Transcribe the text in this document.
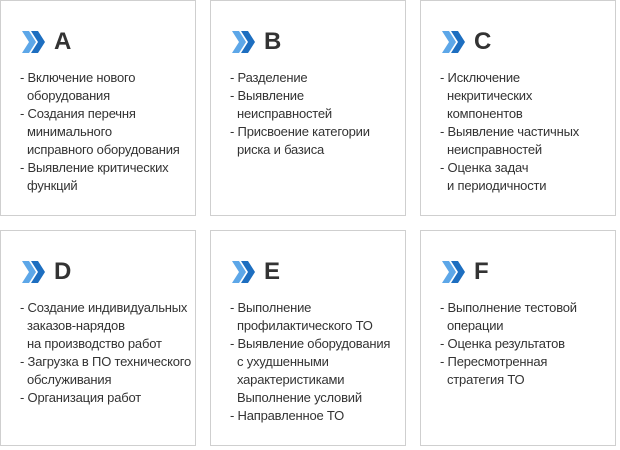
A
- Включение нового
оборудования
- Создания перечня
минимального
исправного оборудования
- Выявление критических
функций
B
- Разделение
- Выявление
неисправностей
- Присвоение категории
риска и базиса
C
- Исключение
некритических
компонентов
- Выявление частичных
неисправностей
- Оценка задач
и периодичности
D
- Создание индивидуальных
заказов-нарядов
на производство работ
- Загрузка в ПО технического
обслуживания
- Организация работ
E
- Выполнение
профилактического ТО
- Выявление оборудования
с ухудшенными
характеристиками
Выполнение условий
- Направленное ТО
F
- Выполнение тестовой
операции
- Оценка результатов
- Пересмотренная
стратегия ТО
